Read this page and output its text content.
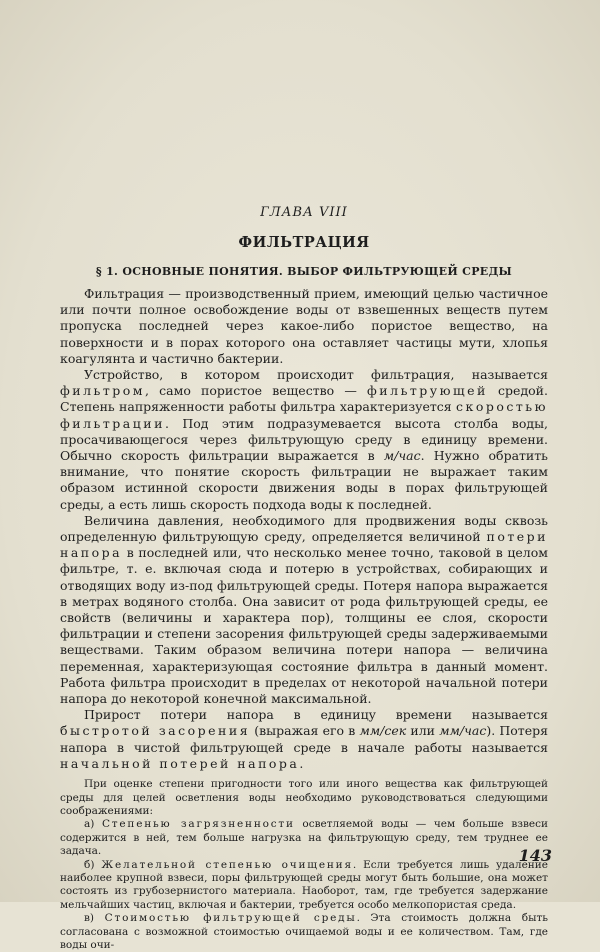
ГЛАВА VIII
ФИЛЬТРАЦИЯ
§ 1. ОСНОВНЫЕ ПОНЯТИЯ. ВЫБОР ФИЛЬТРУЮЩЕЙ СРЕДЫ

Фильтрация — производственный прием, имеющий целью частичное или почти полное освобождение воды от взвешенных веществ путем пропуска последней через какое-либо пористое вещество, на поверхности и в порах которого она оставляет частицы мути, хлопья коагулянта и частично бактерии.

Устройство, в котором происходит фильтрация, называется фильтром, само пористое вещество — фильтрующей средой. Степень напряженности работы фильтра характеризуется скоростью фильтрации. Под этим подразумевается высота столба воды, просачивающегося через фильтрующую среду в единицу времени. Обычно скорость фильтрации выражается в м/час. Нужно обратить внимание, что понятие скорость фильтрации не выражает таким образом истинной скорости движения воды в порах фильтрующей среды, а есть лишь скорость подхода воды к последней.

Величина давления, необходимого для продвижения воды сквозь определенную фильтрующую среду, определяется величиной потери напора в последней или, что несколько менее точно, таковой в целом фильтре, т. е. включая сюда и потерю в устройствах, собирающих и отводящих воду из-под фильтрующей среды. Потеря напора выражается в метрах водяного столба. Она зависит от рода фильтрующей среды, ее свойств (величины и характера пор), толщины ее слоя, скорости фильтрации и степени засорения фильтрующей среды задерживаемыми веществами. Таким образом величина потери напора — величина переменная, характеризующая состояние фильтра в данный момент. Работа фильтра происходит в пределах от некоторой начальной потери напора до некоторой конечной максимальной.

Прирост потери напора в единицу времени называется быстротой засорения (выражая его в мм/сек или мм/час). Потеря напора в чистой фильтрующей среде в начале работы называется начальной потерей напора.

При оценке степени пригодности того или иного вещества как фильтрующей среды для целей осветления воды необходимо руководствоваться следующими соображениями:

а) Степенью загрязненности осветляемой воды — чем больше взвеси содержится в ней, тем больше нагрузка на фильтрующую среду, тем труднее ее задача.

б) Желательной степенью очищения. Если требуется лишь удаление наиболее крупной взвеси, поры фильтрующей среды могут быть большие, она может состоять из грубозернистого материала. Наоборот, там, где требуется задержание мельчайших частиц, включая и бактерии, требуется особо мелкопористая среда.

в) Стоимостью фильтрующей среды. Эта стоимость должна быть согласована с возможной стоимостью очищаемой воды и ее количеством. Там, где воды очи-

143
